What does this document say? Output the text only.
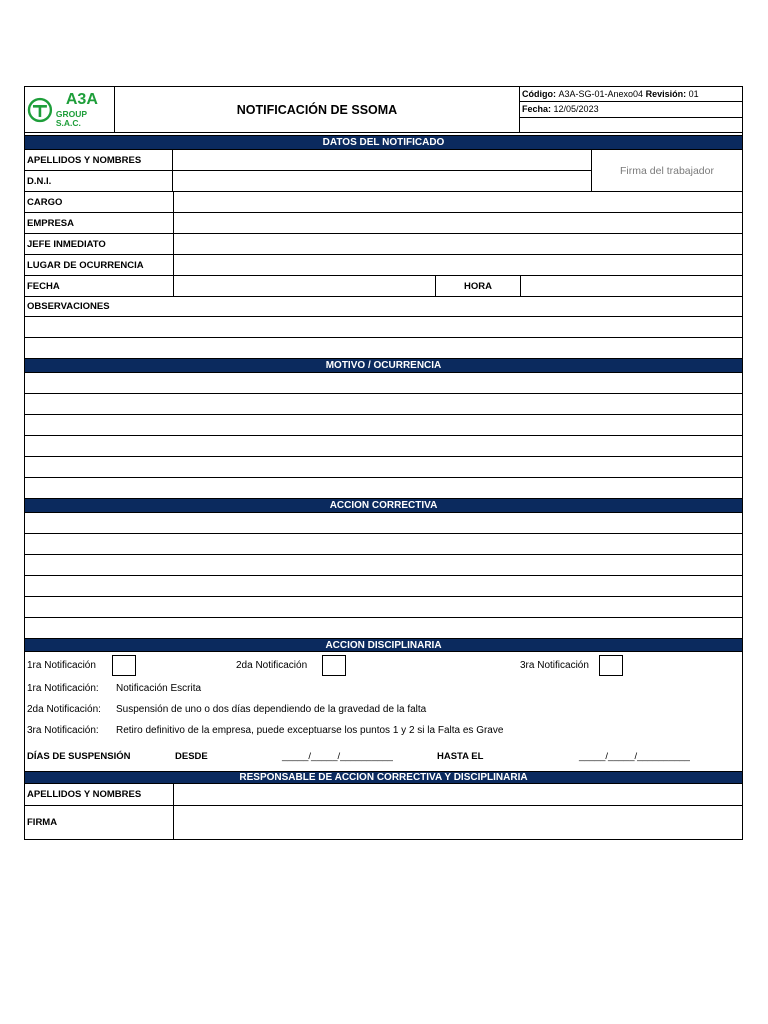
A3A
GROUP S.A.C.
NOTIFICACIÓN DE SSOMA
Código:
A3A-SG-01-Anexo04
Revisión:
01
Fecha:
12/05/2023
DATOS DEL NOTIFICADO
APELLIDOS Y NOMBRES
D.N.I.
Firma del trabajador
CARGO
EMPRESA
JEFE INMEDIATO
LUGAR DE OCURRENCIA
FECHA	HORA
OBSERVACIONES
MOTIVO / OCURRENCIA
ACCION CORRECTIVA
ACCION DISCIPLINARIA
1ra Notificación	2da Notificación	3ra Notificación
1ra Notificación:	Notificación Escrita
2da Notificación:	Suspensión de uno o dos días dependiendo de la gravedad de la falta
3ra Notificación:	Retiro definitivo de la empresa, puede exceptuarse los puntos 1 y 2 si la Falta es Grave
DÍAS DE SUSPENSIÓN	DESDE	_____/_____/__________	HASTA EL	_____/_____/__________
RESPONSABLE DE ACCION CORRECTIVA Y DISCIPLINARIA
APELLIDOS Y NOMBRES
FIRMA
